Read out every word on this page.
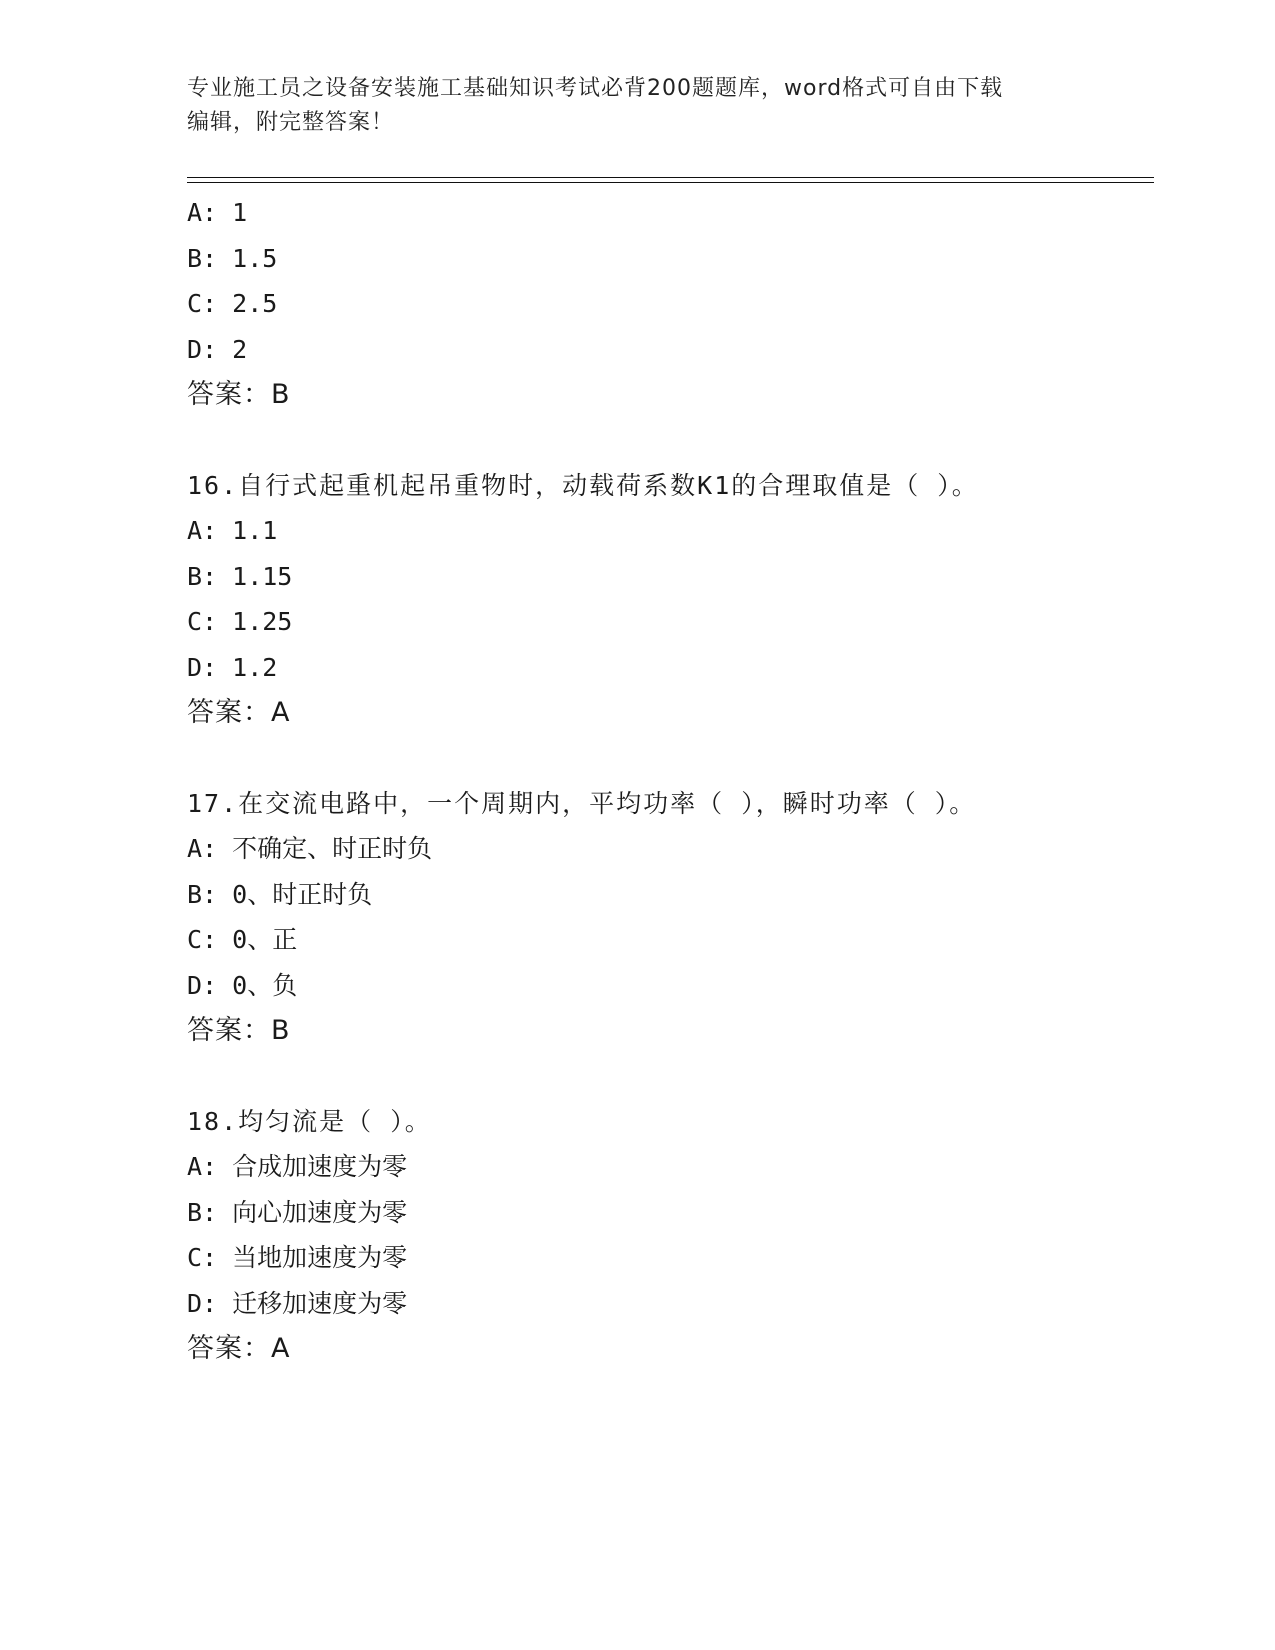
专业施工员之设备安装施工基础知识考试必背200题题库，word格式可自由下载
编辑，附完整答案！
A: 1
B: 1.5
C: 2.5
D: 2
答案：B
16.自行式起重机起吊重物时，动载荷系数K1的合理取值是（ ）。
A: 1.1
B: 1.15
C: 1.25
D: 1.2
答案：A
17.在交流电路中，一个周期内，平均功率（ ），瞬时功率（ ）。
A: 不确定、时正时负
B: 0、时正时负
C: 0、正
D: 0、负
答案：B
18.均匀流是（ ）。
A: 合成加速度为零
B: 向心加速度为零
C: 当地加速度为零
D: 迁移加速度为零
答案：A
